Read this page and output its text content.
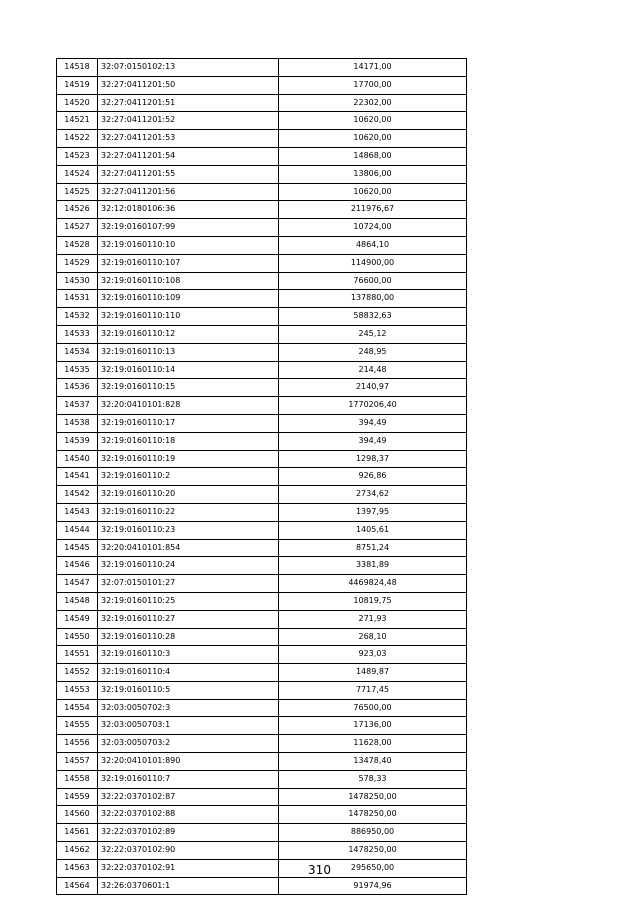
14518	32:07:0150102:13	14171,00
14519	32:27:0411201:50	17700,00
14520	32:27:0411201:51	22302,00
14521	32:27:0411201:52	10620,00
14522	32:27:0411201:53	10620,00
14523	32:27:0411201:54	14868,00
14524	32:27:0411201:55	13806,00
14525	32:27:0411201:56	10620,00
14526	32:12:0180106:36	211976,67
14527	32:19:0160107:99	10724,00
14528	32:19:0160110:10	4864,10
14529	32:19:0160110:107	114900,00
14530	32:19:0160110:108	76600,00
14531	32:19:0160110:109	137880,00
14532	32:19:0160110:110	58832,63
14533	32:19:0160110:12	245,12
14534	32:19:0160110:13	248,95
14535	32:19:0160110:14	214,48
14536	32:19:0160110:15	2140,97
14537	32:20:0410101:828	1770206,40
14538	32:19:0160110:17	394,49
14539	32:19:0160110:18	394,49
14540	32:19:0160110:19	1298,37
14541	32:19:0160110:2	926,86
14542	32:19:0160110:20	2734,62
14543	32:19:0160110:22	1397,95
14544	32:19:0160110:23	1405,61
14545	32:20:0410101:854	8751,24
14546	32:19:0160110:24	3381,89
14547	32:07:0150101:27	4469824,48
14548	32:19:0160110:25	10819,75
14549	32:19:0160110:27	271,93
14550	32:19:0160110:28	268,10
14551	32:19:0160110:3	923,03
14552	32:19:0160110:4	1489,87
14553	32:19:0160110:5	7717,45
14554	32:03:0050702:3	76500,00
14555	32:03:0050703:1	17136,00
14556	32:03:0050703:2	11628,00
14557	32:20:0410101:890	13478,40
14558	32:19:0160110:7	578,33
14559	32:22:0370102:87	1478250,00
14560	32:22:0370102:88	1478250,00
14561	32:22:0370102:89	886950,00
14562	32:22:0370102:90	1478250,00
14563	32:22:0370102:91	295650,00
14564	32:26:0370601:1	91974,96
310
